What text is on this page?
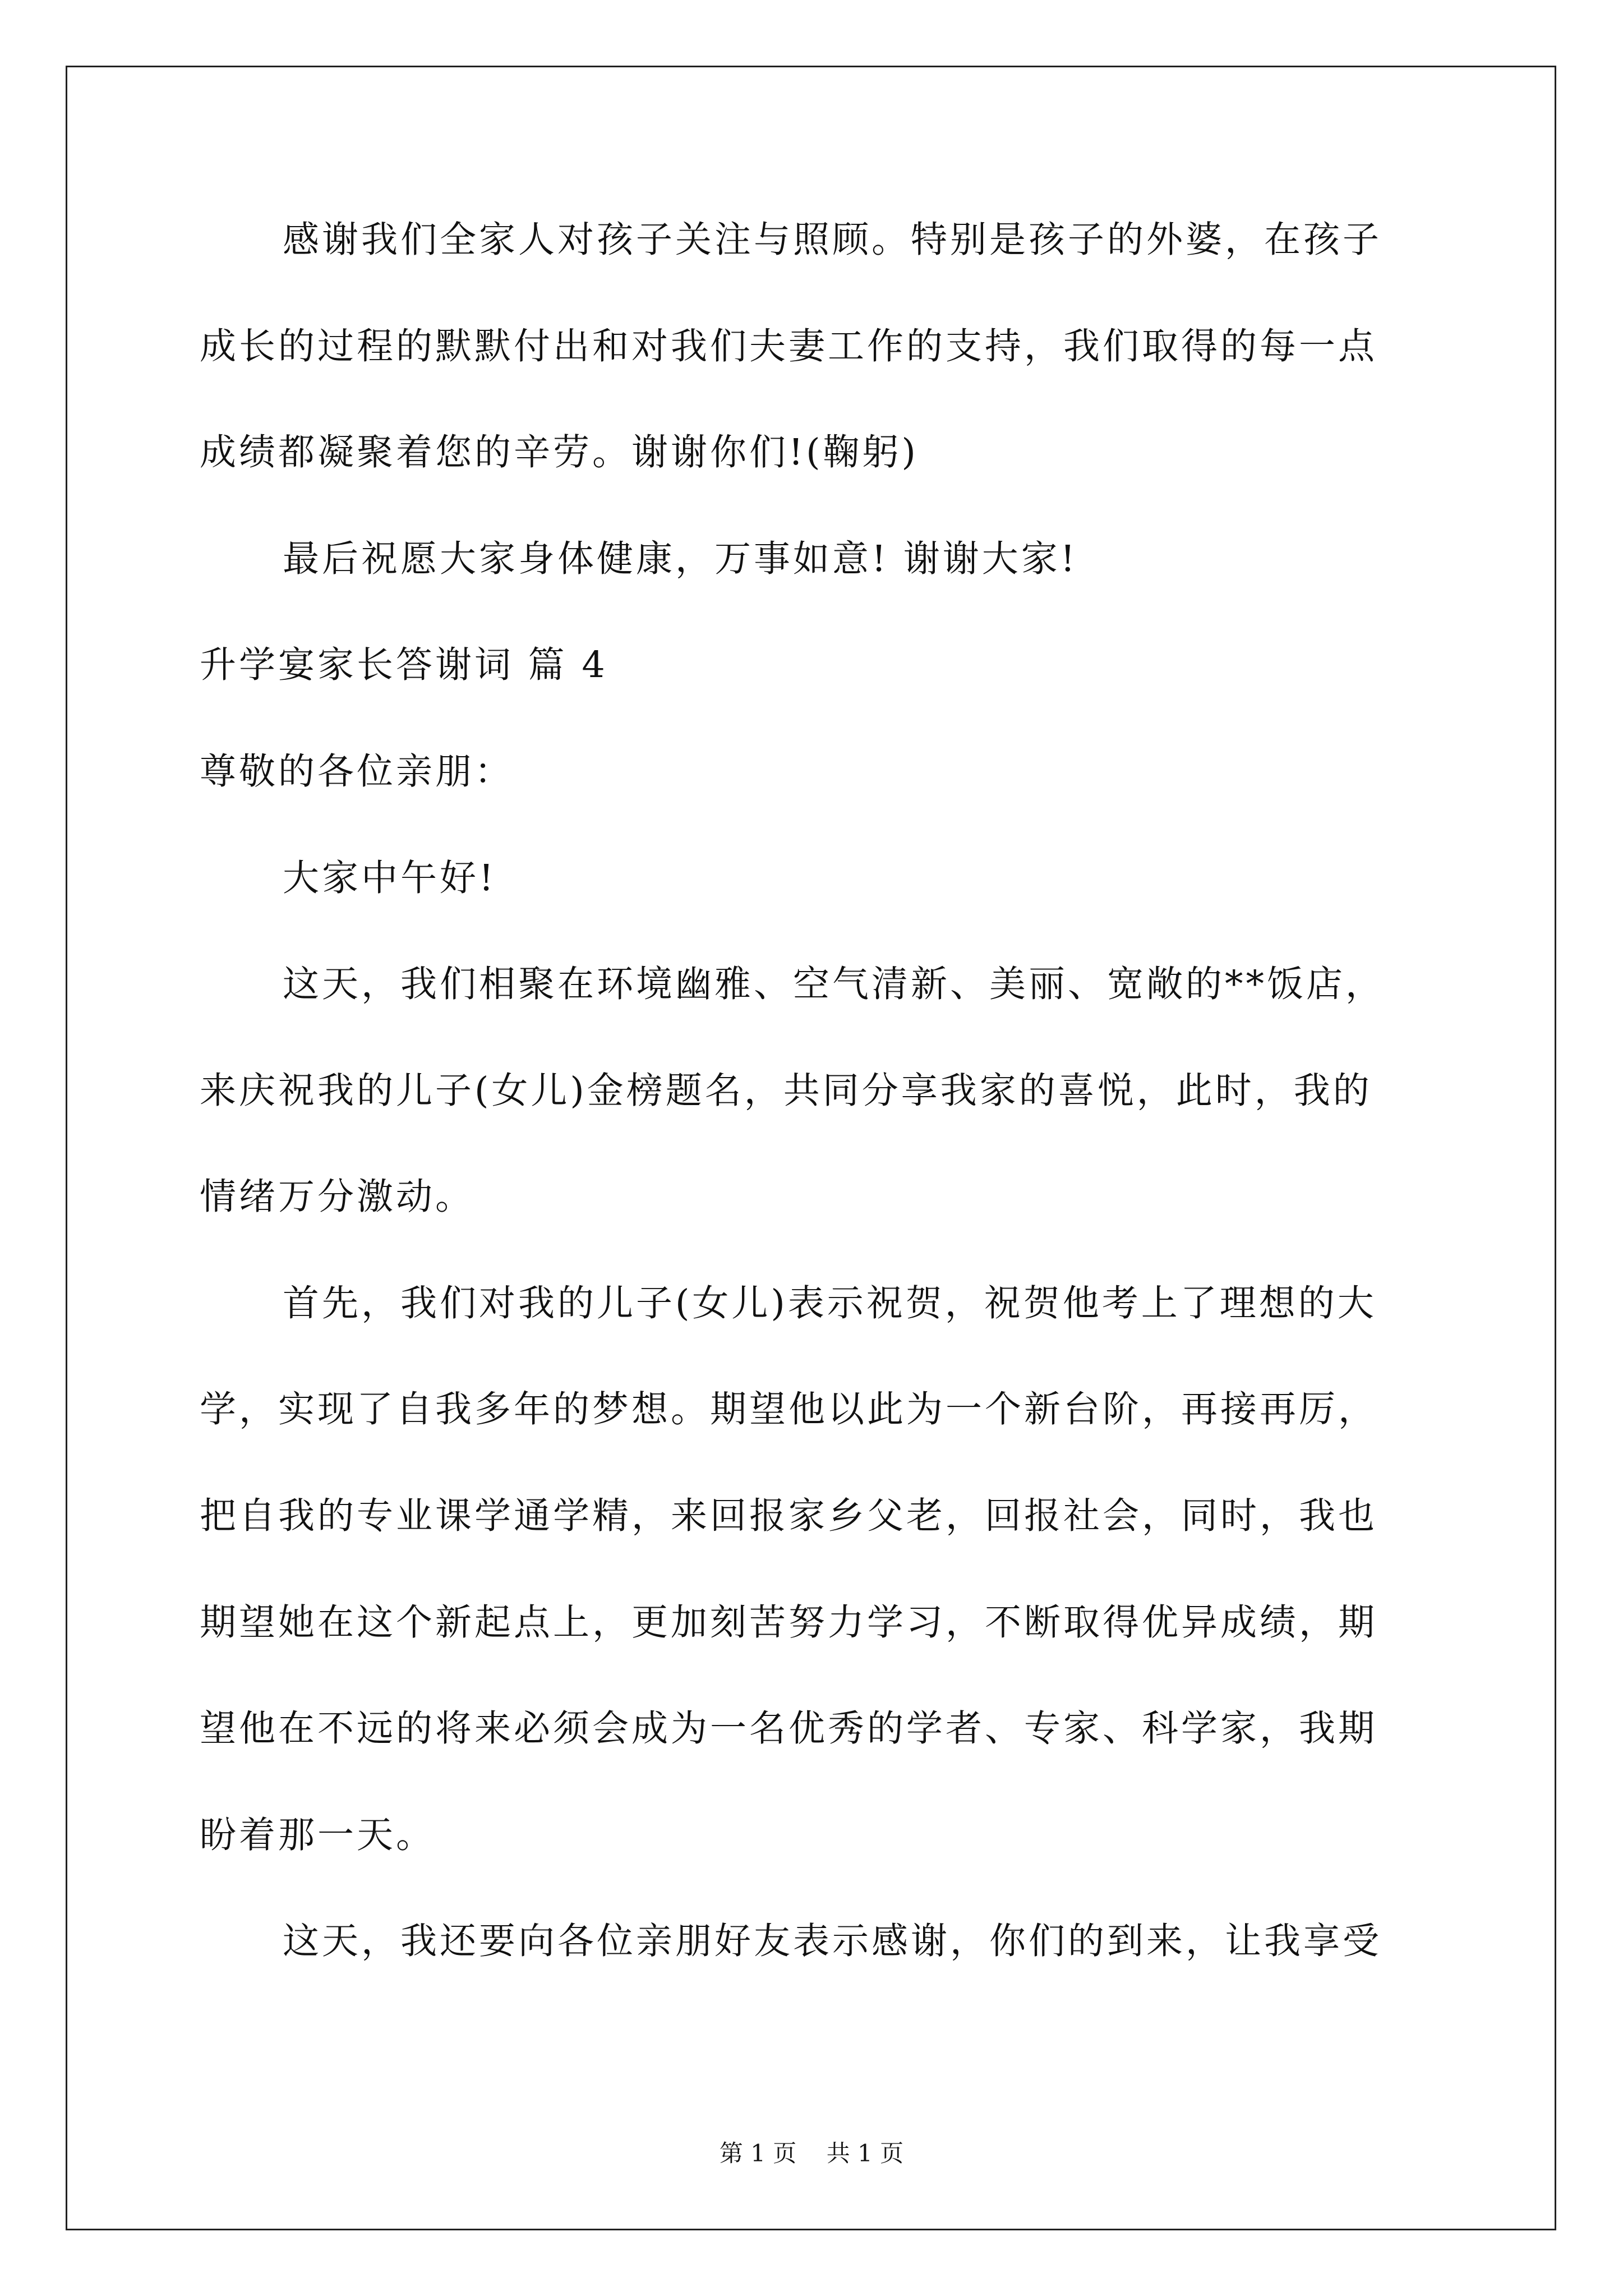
感谢我们全家人对孩子关注与照顾。特别是孩子的外婆，在孩子
成长的过程的默默付出和对我们夫妻工作的支持，我们取得的每一点
成绩都凝聚着您的辛劳。谢谢你们!(鞠躬)
最后祝愿大家身体健康，万事如意! 谢谢大家!
升学宴家长答谢词 篇 4
尊敬的各位亲朋：
大家中午好!
这天，我们相聚在环境幽雅、空气清新、美丽、宽敞的**饭店，
来庆祝我的儿子(女儿)金榜题名，共同分享我家的喜悦，此时，我的
情绪万分激动。
首先，我们对我的儿子(女儿)表示祝贺，祝贺他考上了理想的大
学，实现了自我多年的梦想。期望他以此为一个新台阶，再接再厉，
把自我的专业课学通学精，来回报家乡父老，回报社会，同时，我也
期望她在这个新起点上，更加刻苦努力学习，不断取得优异成绩，期
望他在不远的将来必须会成为一名优秀的学者、专家、科学家，我期
盼着那一天。
这天，我还要向各位亲朋好友表示感谢，你们的到来，让我享受
第 1 页    共 1 页
